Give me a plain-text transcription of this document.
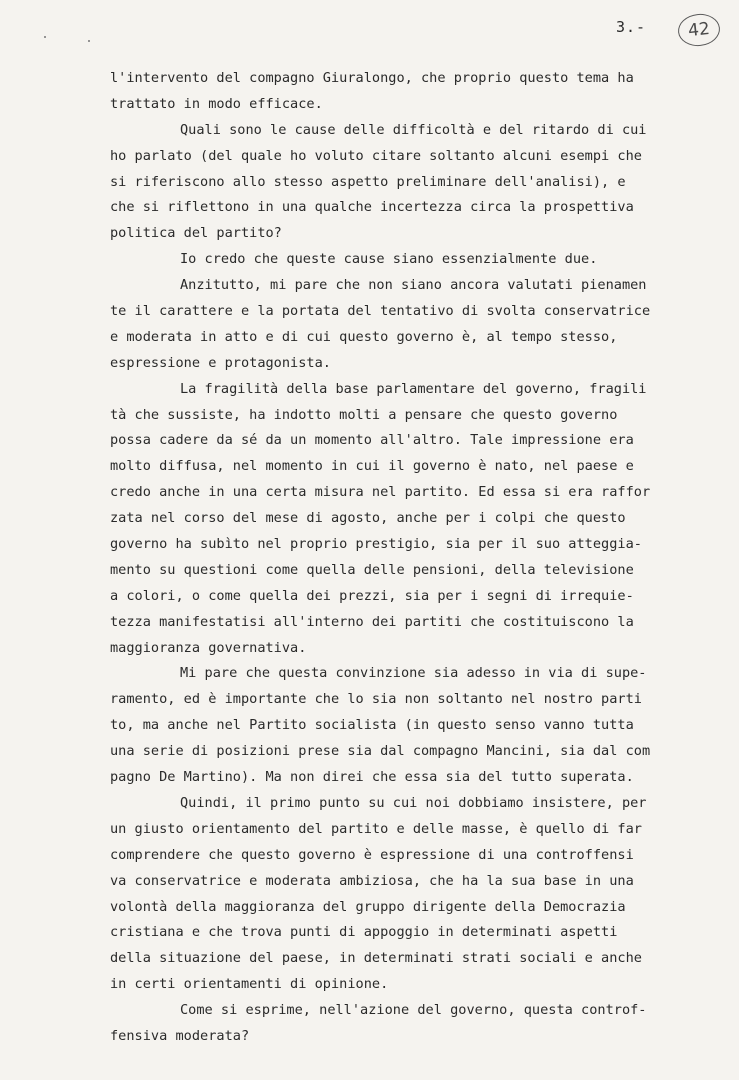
3.-	42
l'intervento del compagno Giuralongo, che proprio questo tema ha
trattato in modo efficace.
Quali sono le cause delle difficoltà e del ritardo di cui
ho parlato (del quale ho voluto citare soltanto alcuni esempi che
si riferiscono allo stesso aspetto preliminare dell'analisi), e
che si riflettono in una qualche incertezza circa la prospettiva
politica del partito?
Io credo che queste cause siano essenzialmente due.
Anzitutto, mi pare che non siano ancora valutati pienamen
te il carattere e la portata del tentativo di svolta conservatrice
e moderata in atto e di cui questo governo è, al tempo stesso,
espressione e protagonista.
La fragilità della base parlamentare del governo, fragili
tà che sussiste, ha indotto molti a pensare che questo governo
possa cadere da sé da un momento all'altro. Tale impressione era
molto diffusa, nel momento in cui il governo è nato, nel paese e
credo anche in una certa misura nel partito. Ed essa si era raffor
zata nel corso del mese di agosto, anche per i colpi che questo
governo ha subìto nel proprio prestigio, sia per il suo atteggia-
mento su questioni come quella delle pensioni, della televisione
a colori, o come quella dei prezzi, sia per i segni di irrequie-
tezza manifestatisi all'interno dei partiti che costituiscono la
maggioranza governativa.
Mi pare che questa convinzione sia adesso in via di supe-
ramento, ed è importante che lo sia non soltanto nel nostro parti
to, ma anche nel Partito socialista (in questo senso vanno tutta
una serie di posizioni prese sia dal compagno Mancini, sia dal com
pagno De Martino). Ma non direi che essa sia del tutto superata.
Quindi, il primo punto su cui noi dobbiamo insistere, per
un giusto orientamento del partito e delle masse, è quello di far
comprendere che questo governo è espressione di una controffensi
va conservatrice e moderata ambiziosa, che ha la sua base in una
volontà della maggioranza del gruppo dirigente della Democrazia
cristiana e che trova punti di appoggio in determinati aspetti
della situazione del paese, in determinati strati sociali e anche
in certi orientamenti di opinione.
Come si esprime, nell'azione del governo, questa controf-
fensiva moderata?
